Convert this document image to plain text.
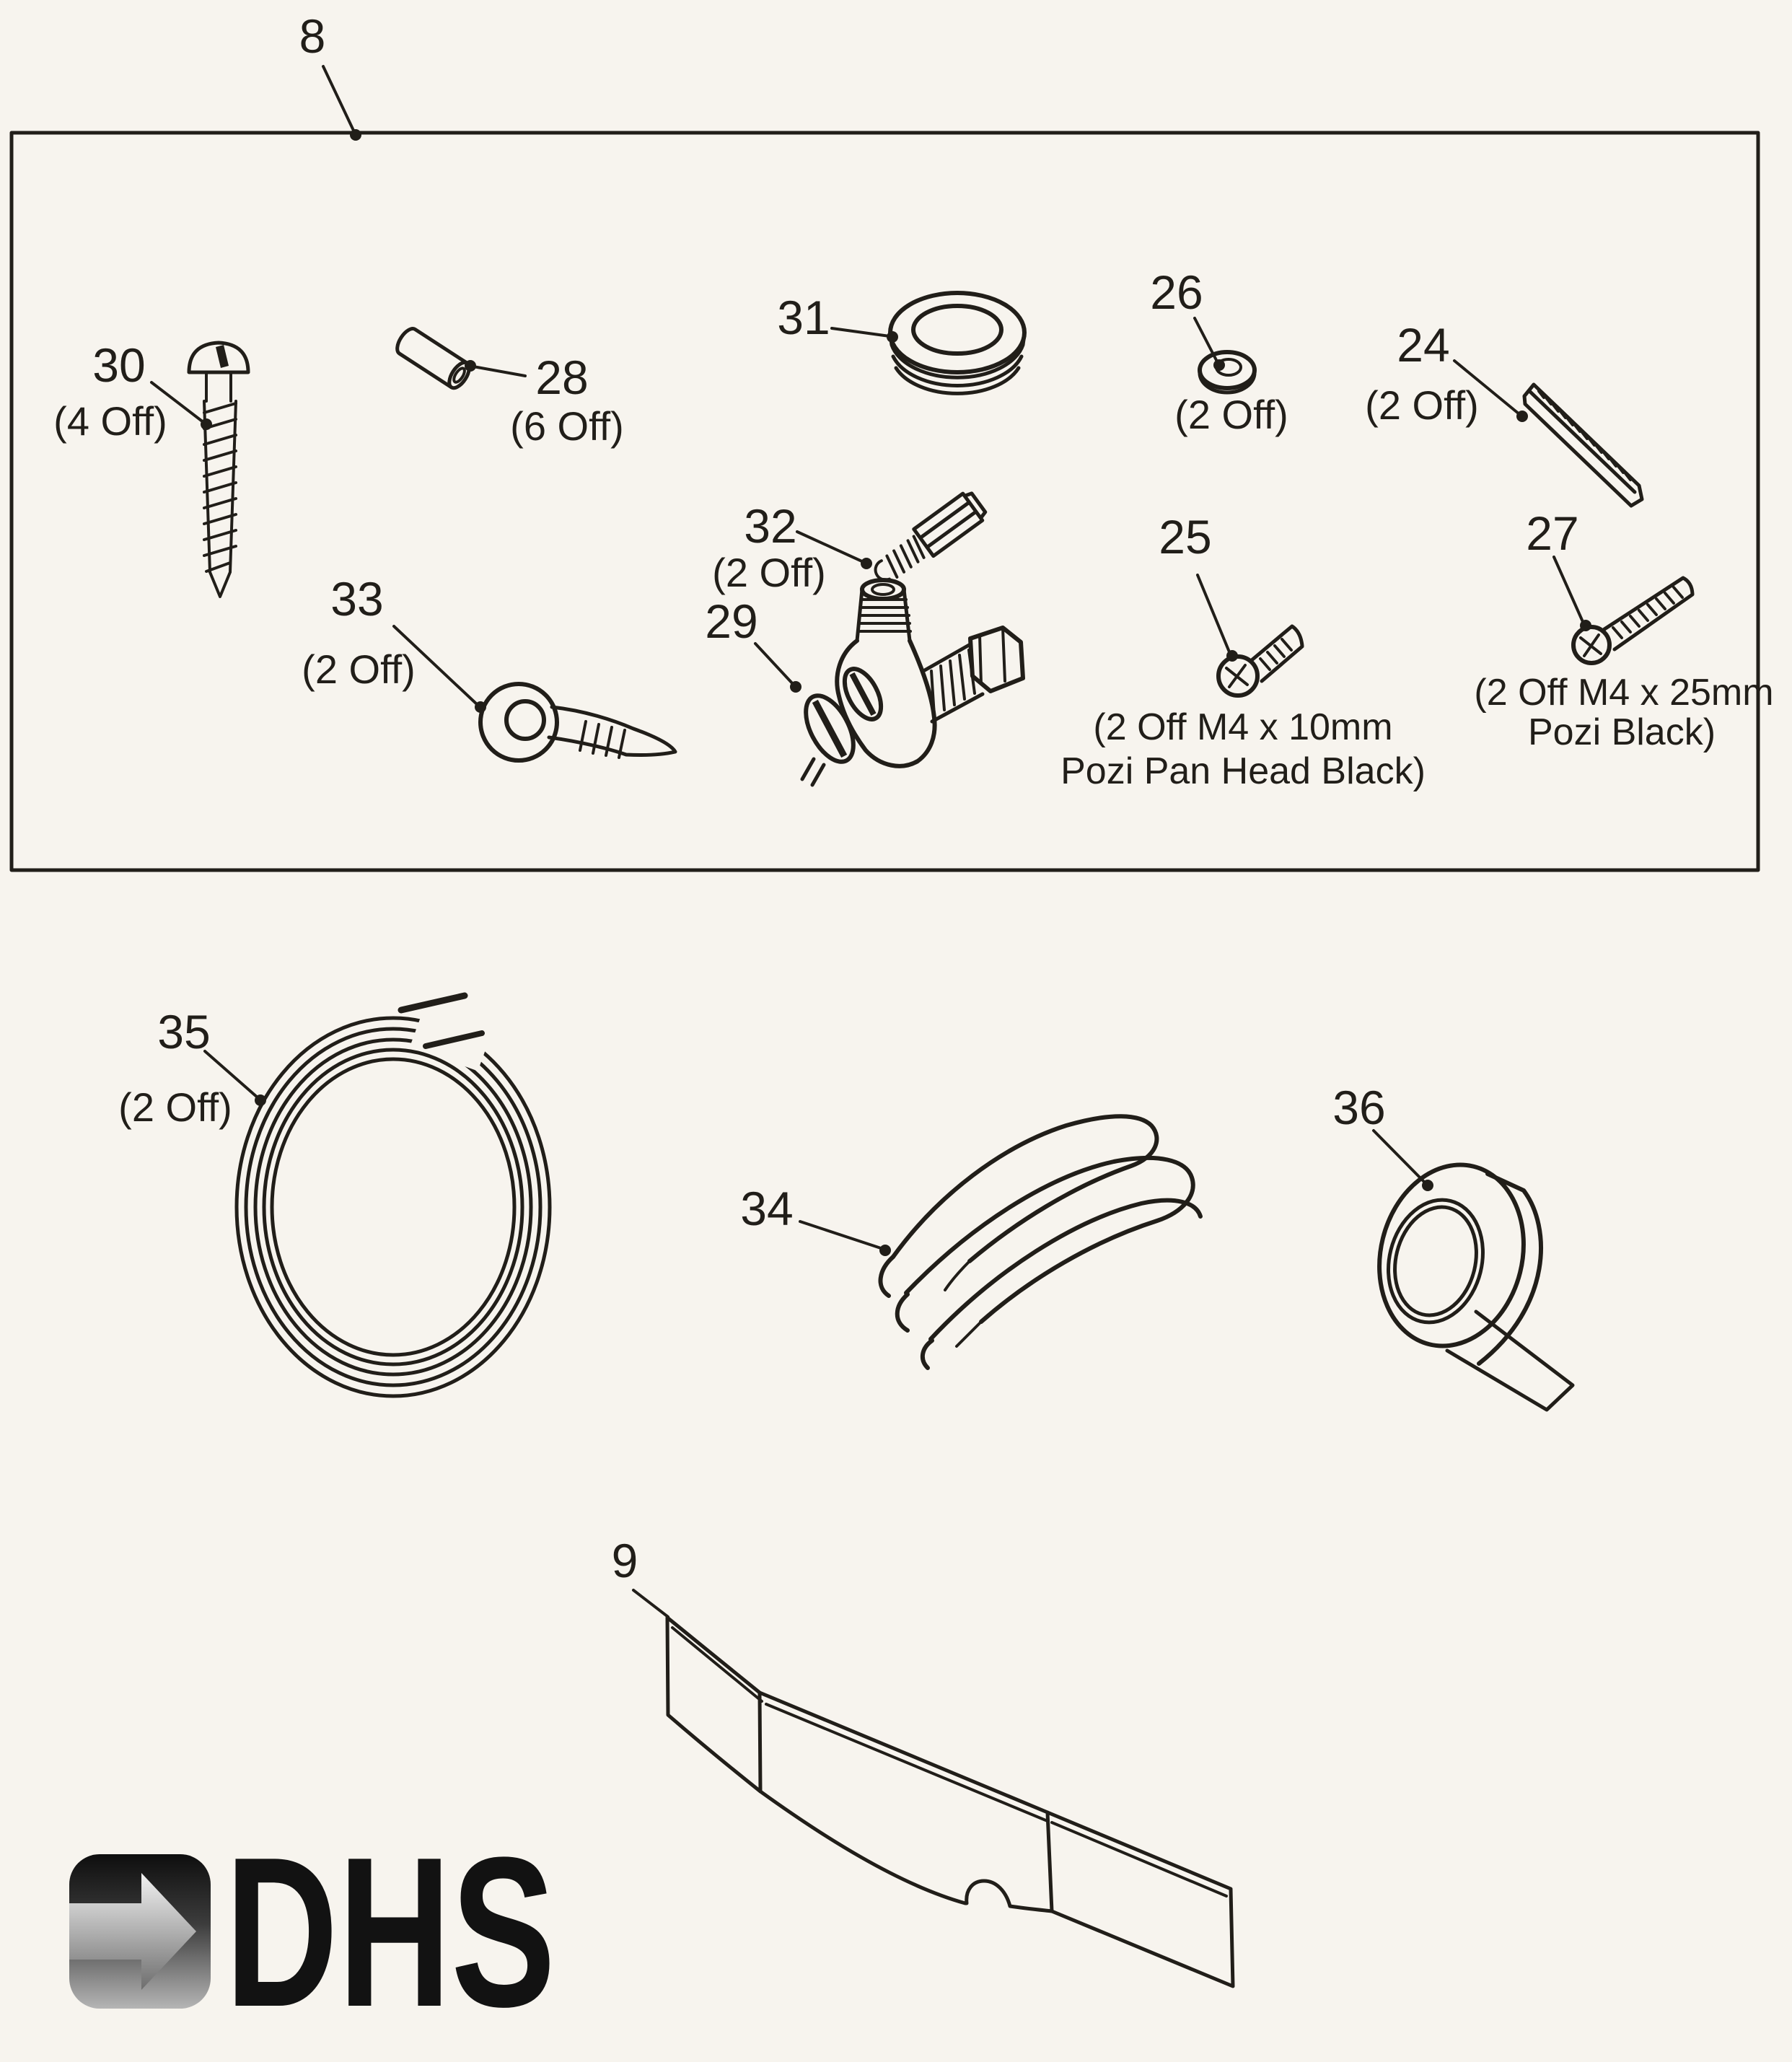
DHS
8
30
(4 Off)
28
(6 Off)
31
32
(2 Off)
26
(2 Off)
24
(2 Off)
25
(2 Off M4 x 10mm
Pozi Pan Head Black)
27
(2 Off M4 x 25mm
Pozi Black)
33
(2 Off)
29
35
(2 Off)
34
36
9
